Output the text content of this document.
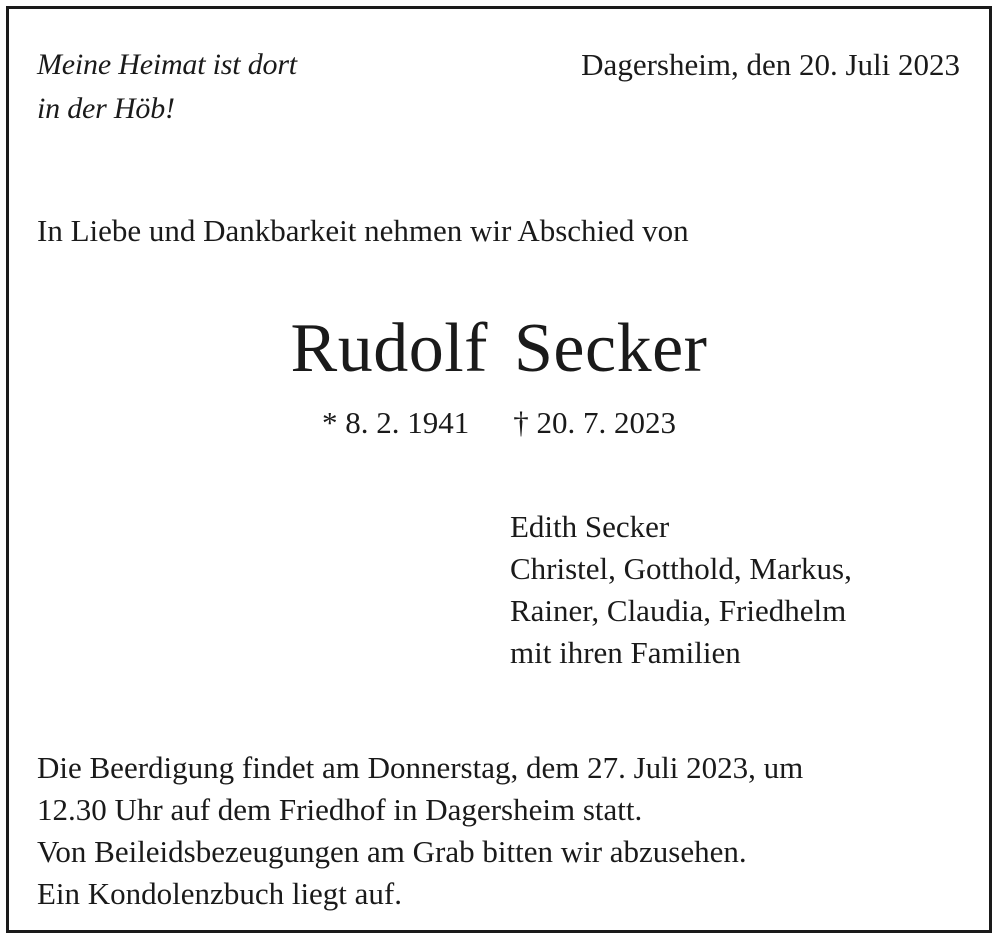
Meine Heimat ist dort
in der Höb!
Dagersheim, den 20. Juli 2023
In Liebe und Dankbarkeit nehmen wir Abschied von
Rudolf Secker
* 8. 2. 1941 † 20. 7. 2023
Edith Secker
Christel, Gotthold, Markus,
Rainer, Claudia, Friedhelm
mit ihren Familien
Die Beerdigung findet am Donnerstag, dem 27. Juli 2023, um
12.30 Uhr auf dem Friedhof in Dagersheim statt.
Von Beileidsbezeugungen am Grab bitten wir abzusehen.
Ein Kondolenzbuch liegt auf.
